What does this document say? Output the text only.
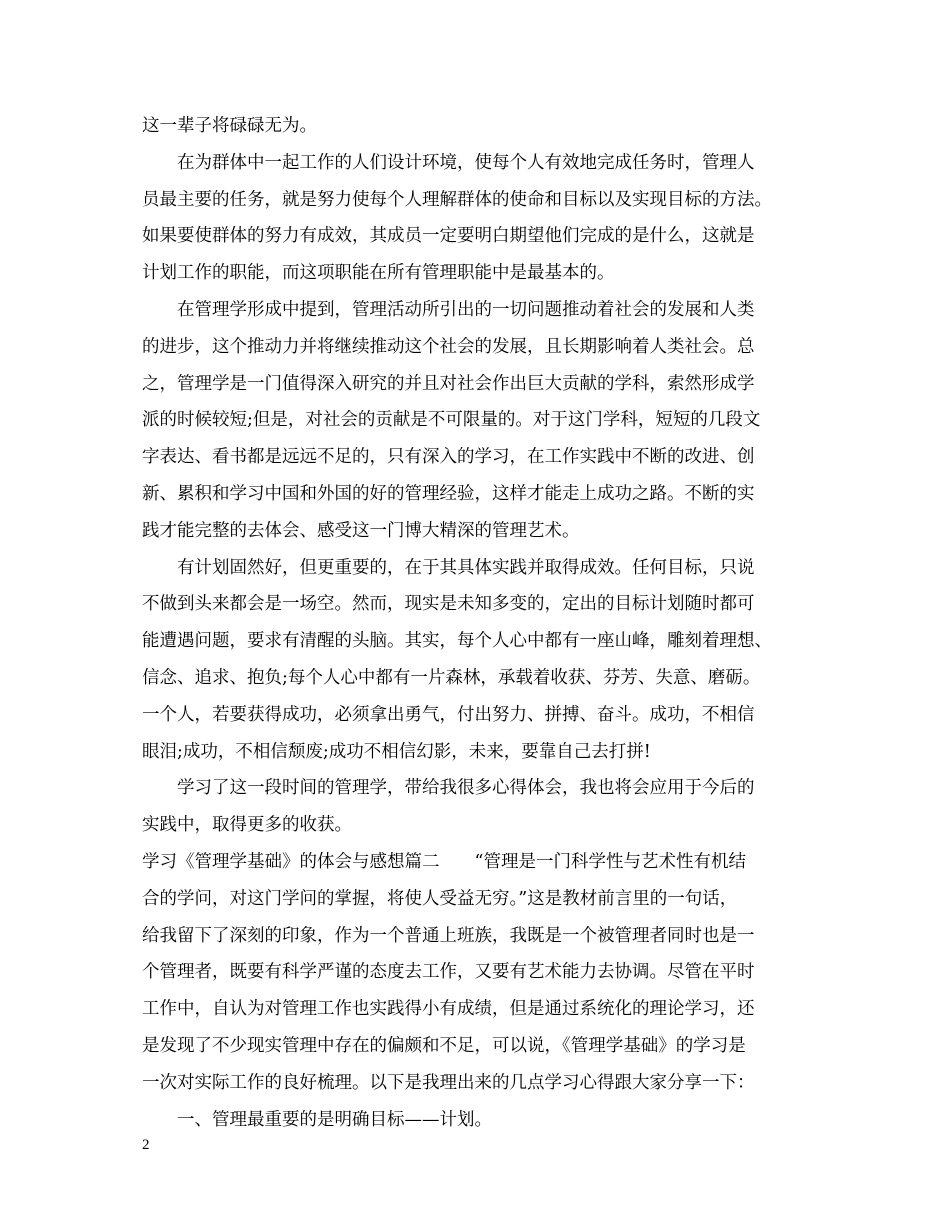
这一辈子将碌碌无为。
在为群体中一起工作的人们设计环境，使每个人有效地完成任务时，管理人
员最主要的任务，就是努力使每个人理解群体的使命和目标以及实现目标的方法。
如果要使群体的努力有成效，其成员一定要明白期望他们完成的是什么，这就是
计划工作的职能，而这项职能在所有管理职能中是最基本的。
在管理学形成中提到，管理活动所引出的一切问题推动着社会的发展和人类
的进步，这个推动力并将继续推动这个社会的发展，且长期影响着人类社会。总
之，管理学是一门值得深入研究的并且对社会作出巨大贡献的学科，索然形成学
派的时候较短;但是，对社会的贡献是不可限量的。对于这门学科，短短的几段文
字表达、看书都是远远不足的，只有深入的学习，在工作实践中不断的改进、创
新、累积和学习中国和外国的好的管理经验，这样才能走上成功之路。不断的实
践才能完整的去体会、感受这一门博大精深的管理艺术。
有计划固然好，但更重要的，在于其具体实践并取得成效。任何目标，只说
不做到头来都会是一场空。然而，现实是未知多变的，定出的目标计划随时都可
能遭遇问题，要求有清醒的头脑。其实，每个人心中都有一座山峰，雕刻着理想、
信念、追求、抱负;每个人心中都有一片森林，承载着收获、芬芳、失意、磨砺。
一个人，若要获得成功，必须拿出勇气，付出努力、拼搏、奋斗。成功，不相信
眼泪;成功，不相信颓废;成功不相信幻影，未来，要靠自己去打拼!
学习了这一段时间的管理学，带给我很多心得体会，我也将会应用于今后的
实践中，取得更多的收获。
学习《管理学基础》的体会与感想篇二　　“管理是一门科学性与艺术性有机结
合的学问，对这门学问的掌握，将使人受益无穷。”这是教材前言里的一句话，
给我留下了深刻的印象，作为一个普通上班族，我既是一个被管理者同时也是一
个管理者，既要有科学严谨的态度去工作，又要有艺术能力去协调。尽管在平时
工作中，自认为对管理工作也实践得小有成绩，但是通过系统化的理论学习，还
是发现了不少现实管理中存在的偏颇和不足，可以说，《管理学基础》的学习是
一次对实际工作的良好梳理。以下是我理出来的几点学习心得跟大家分享一下：
一、管理最重要的是明确目标——计划。
2
